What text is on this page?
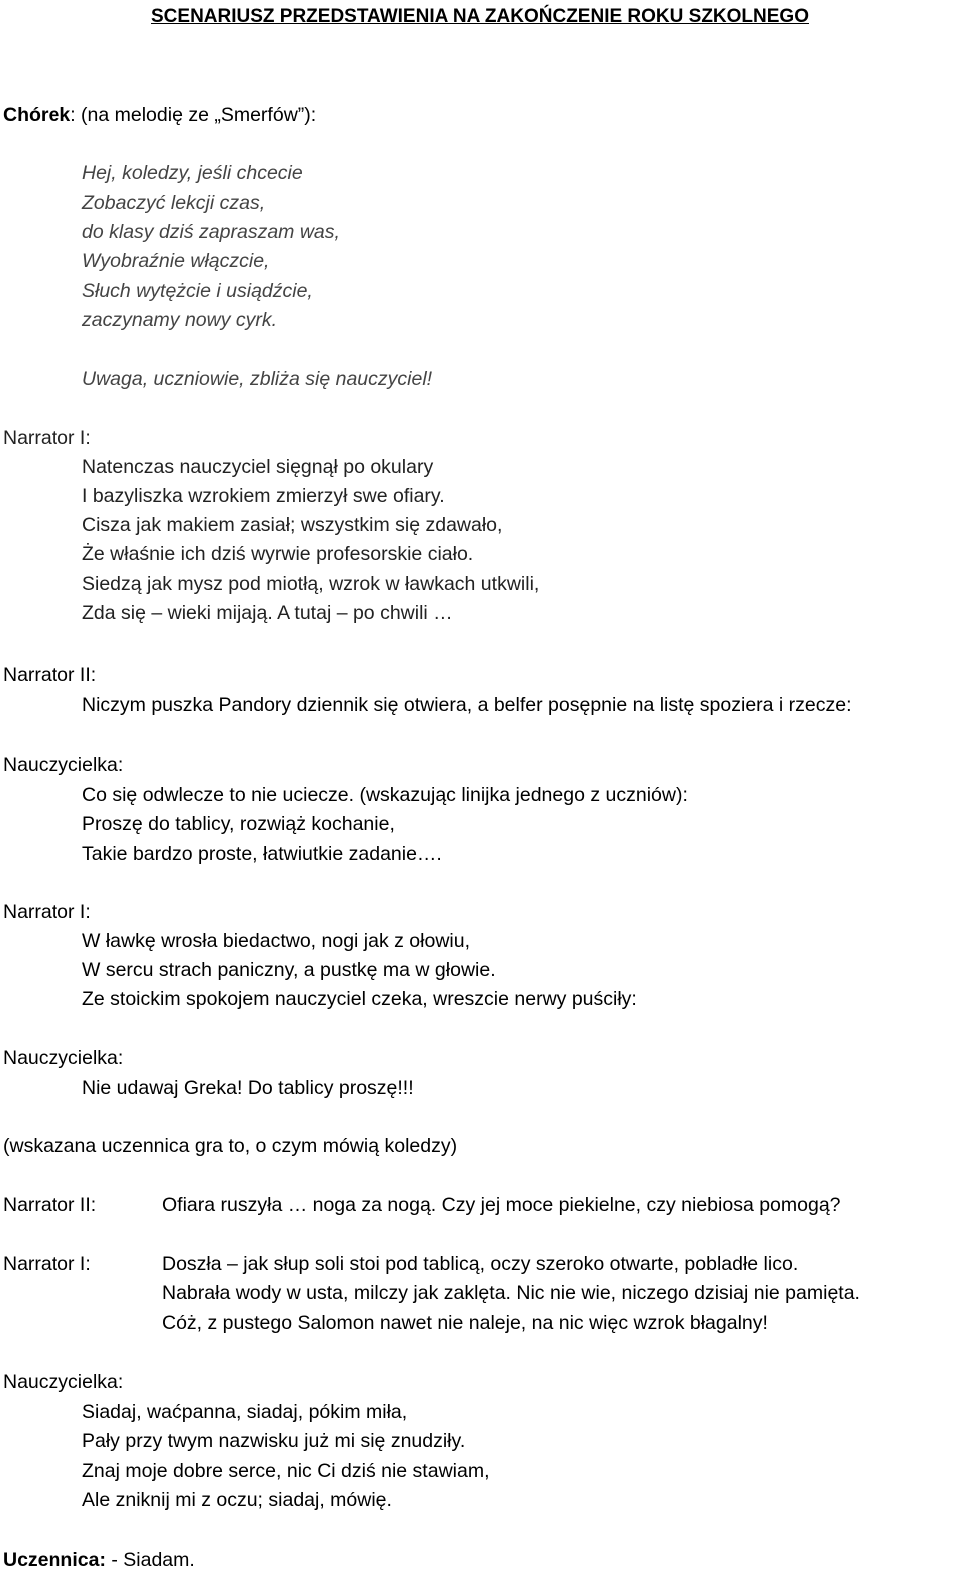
SCENARIUSZ PRZEDSTAWIENIA NA ZAKOŃCZENIE ROKU SZKOLNEGO
Chórek: (na melodię ze „Smerfów”):
Hej, koledzy, jeśli chcecie
Zobaczyć lekcji czas,
do klasy dziś zapraszam was,
Wyobraźnie włączcie,
Słuch wytężcie i usiądźcie,
zaczynamy nowy cyrk.
Uwaga, uczniowie, zbliża się nauczyciel!
Narrator I:
Natenczas nauczyciel sięgnął po okulary
I bazyliszka wzrokiem zmierzył swe ofiary.
Cisza jak makiem zasiał; wszystkim się zdawało,
Że właśnie ich dziś wyrwie profesorskie ciało.
Siedzą jak mysz pod miotłą, wzrok w ławkach utkwili,
Zda się – wieki mijają. A tutaj – po chwili …
Narrator II:
Niczym puszka Pandory dziennik się otwiera, a belfer posępnie na listę spoziera i rzecze:
Nauczycielka:
Co się odwlecze to nie uciecze. (wskazując linijka jednego z uczniów):
Proszę do tablicy, rozwiąż kochanie,
Takie bardzo proste, łatwiutkie zadanie….
Narrator I:
W ławkę wrosła biedactwo, nogi jak z ołowiu,
W sercu strach paniczny, a pustkę ma w głowie.
Ze stoickim spokojem nauczyciel czeka, wreszcie nerwy puściły:
Nauczycielka:
Nie udawaj Greka! Do tablicy proszę!!!
(wskazana uczennica gra to, o czym mówią koledzy)
Narrator II:	Ofiara ruszyła … noga za nogą. Czy jej moce piekielne, czy niebiosa pomogą?
Narrator I:	Doszła – jak słup soli stoi pod tablicą, oczy szeroko otwarte, pobladłe lico.
Nabrała wody w usta, milczy jak zaklęta. Nic nie wie, niczego dzisiaj nie pamięta.
Cóż, z pustego Salomon nawet nie naleje, na nic więc wzrok błagalny!
Nauczycielka:
Siadaj, waćpanna, siadaj, pókim miła,
Pały przy twym nazwisku już mi się znudziły.
Znaj moje dobre serce, nic Ci dziś nie stawiam,
Ale zniknij mi z oczu; siadaj, mówię.
Uczennica: - Siadam.
